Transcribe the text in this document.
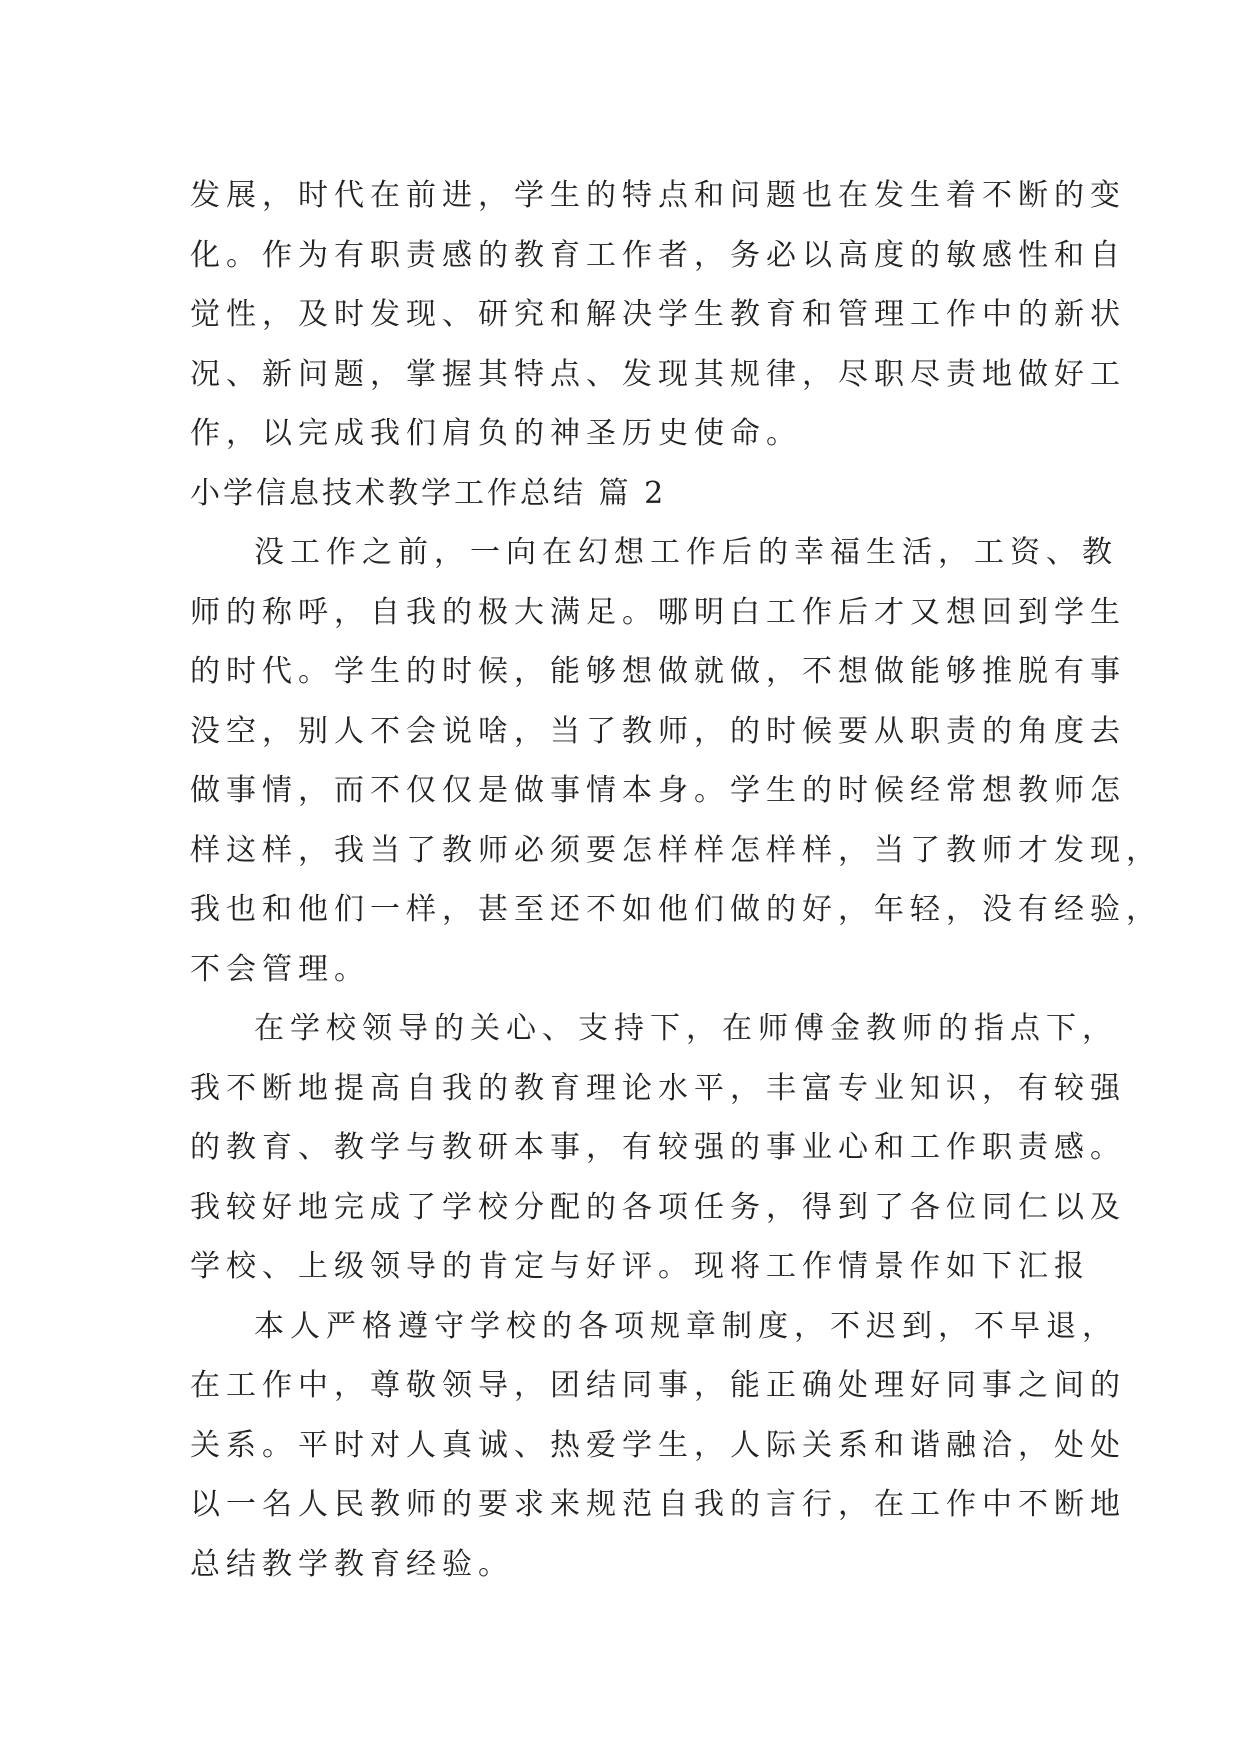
发展，时代在前进，学生的特点和问题也在发生着不断的变
化。作为有职责感的教育工作者，务必以高度的敏感性和自
觉性，及时发现、研究和解决学生教育和管理工作中的新状
况、新问题，掌握其特点、发现其规律，尽职尽责地做好工
作，以完成我们肩负的神圣历史使命。
小学信息技术教学工作总结 篇 2
没工作之前，一向在幻想工作后的幸福生活，工资、教
师的称呼，自我的极大满足。哪明白工作后才又想回到学生
的时代。学生的时候，能够想做就做，不想做能够推脱有事
没空，别人不会说啥，当了教师，的时候要从职责的角度去
做事情，而不仅仅是做事情本身。学生的时候经常想教师怎
样这样，我当了教师必须要怎样样怎样样，当了教师才发现，
我也和他们一样，甚至还不如他们做的好，年轻，没有经验，
不会管理。
在学校领导的关心、支持下，在师傅金教师的指点下，
我不断地提高自我的教育理论水平，丰富专业知识，有较强
的教育、教学与教研本事，有较强的事业心和工作职责感。
我较好地完成了学校分配的各项任务，得到了各位同仁以及
学校、上级领导的肯定与好评。现将工作情景作如下汇报
本人严格遵守学校的各项规章制度，不迟到，不早退，
在工作中，尊敬领导，团结同事，能正确处理好同事之间的
关系。平时对人真诚、热爱学生，人际关系和谐融洽，处处
以一名人民教师的要求来规范自我的言行，在工作中不断地
总结教学教育经验。
